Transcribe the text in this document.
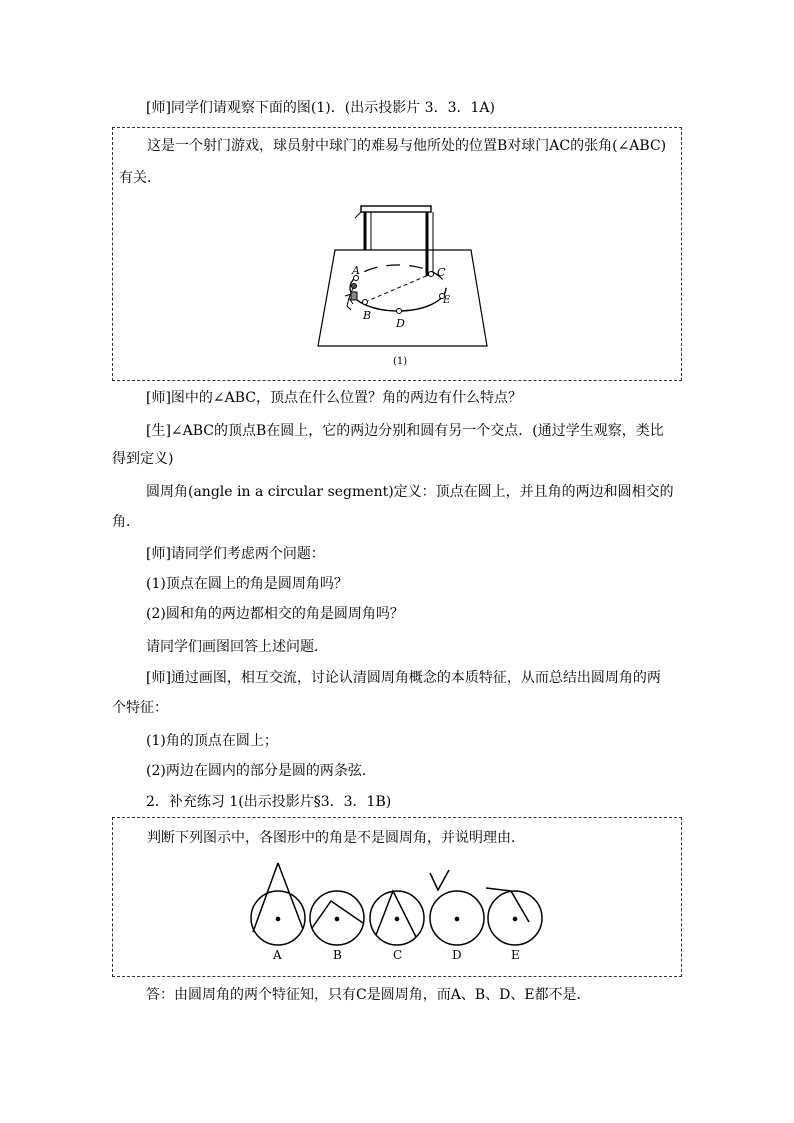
[师]同学们请观察下面的图(1)．(出示投影片 3．3．1A)
这是一个射门游戏，球员射中球门的难易与他所处的位置B对球门AC的张角(∠ABC)
有关．
A
B
C
D
E
(1)
[师]图中的∠ABC，顶点在什么位置？角的两边有什么特点？
[生]∠ABC的顶点B在圆上，它的两边分别和圆有另一个交点．(通过学生观察，类比
得到定义)
圆周角(angle in a circular segment)定义：顶点在圆上，并且角的两边和圆相交的
角．
[师]请同学们考虑两个问题：
(1)顶点在圆上的角是圆周角吗？
(2)圆和角的两边都相交的角是圆周角吗？
请同学们画图回答上述问题．
[师]通过画图，相互交流，讨论认清圆周角概念的本质特征，从而总结出圆周角的两
个特征：
(1)角的顶点在圆上；
(2)两边在圆内的部分是圆的两条弦．
2．补充练习 1(出示投影片§3．3．1B)
判断下列图示中，各图形中的角是不是圆周角，并说明理由．
A	B	C	D	E
答：由圆周角的两个特征知，只有C是圆周角，而A、B、D、E都不是．
